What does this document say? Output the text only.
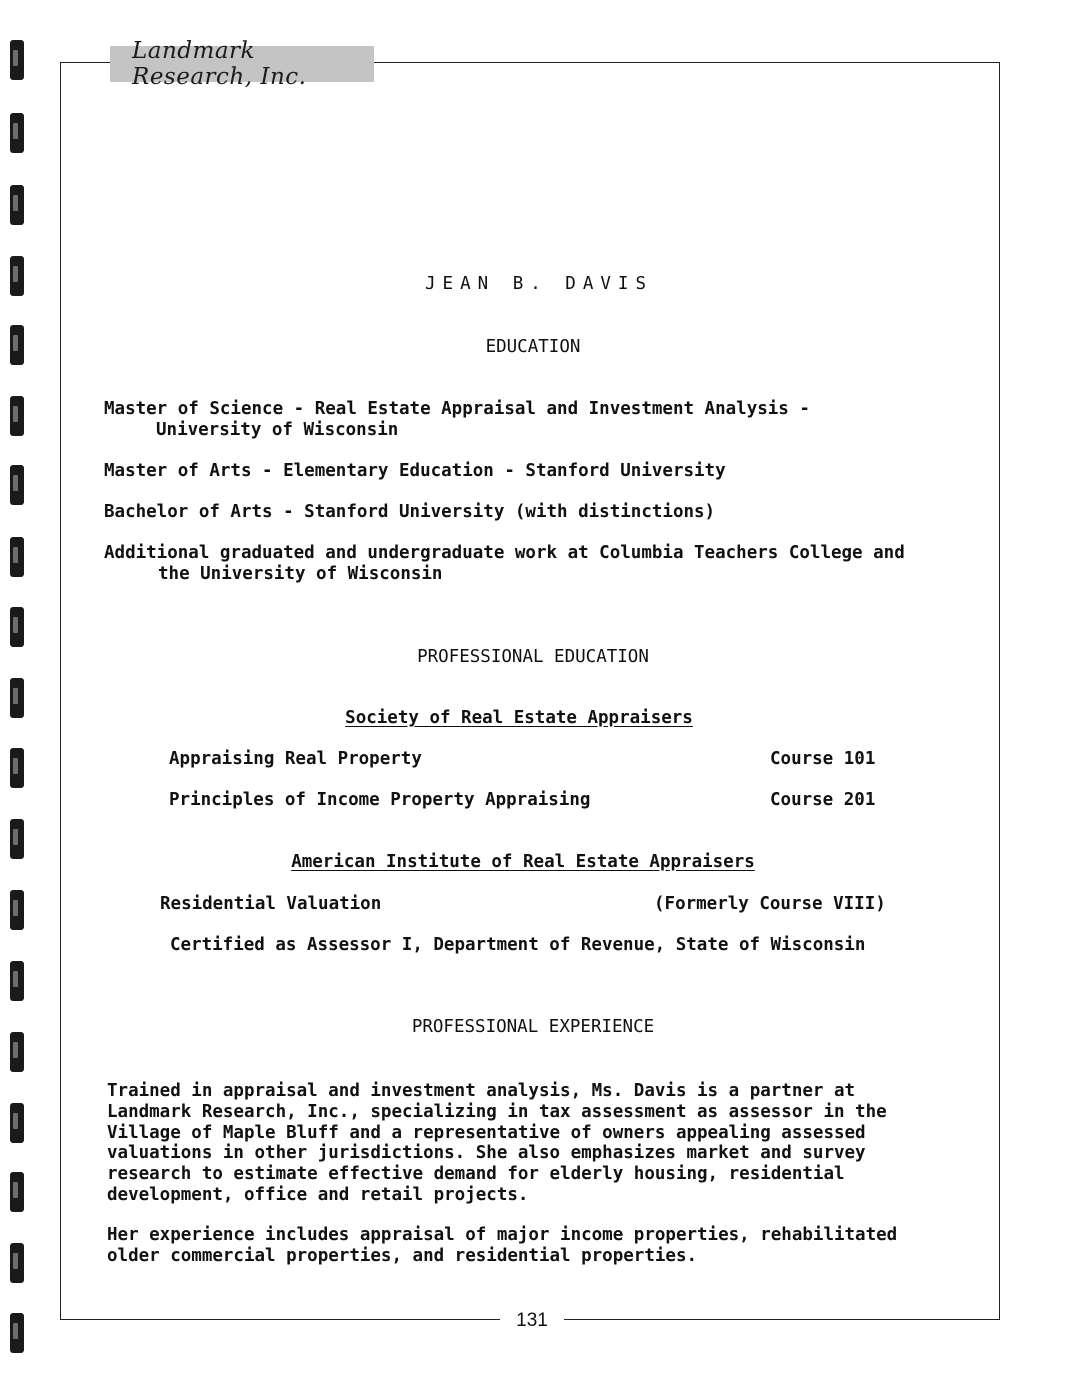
Landmark Research, Inc.
JEAN B. DAVIS
EDUCATION
Master of Science - Real Estate Appraisal and Investment Analysis -
University of Wisconsin
Master of Arts - Elementary Education - Stanford University
Bachelor of Arts - Stanford University (with distinctions)
Additional graduated and undergraduate work at Columbia Teachers College and
the University of Wisconsin
PROFESSIONAL EDUCATION
Society of Real Estate Appraisers
Appraising Real Property	Course 101
Principles of Income Property Appraising	Course 201
American Institute of Real Estate Appraisers
Residential Valuation	(Formerly Course VIII)
Certified as Assessor I, Department of Revenue, State of Wisconsin
PROFESSIONAL EXPERIENCE

Trained in appraisal and investment analysis, Ms. Davis is a partner at Landmark Research, Inc., specializing in tax assessment as assessor in the Village of Maple Bluff and a representative of owners appealing assessed valuations in other jurisdictions. She also emphasizes market and survey research to estimate effective demand for elderly housing, residential development, office and retail projects.

Her experience includes appraisal of major income properties, rehabilitated older commercial properties, and residential properties.

131
